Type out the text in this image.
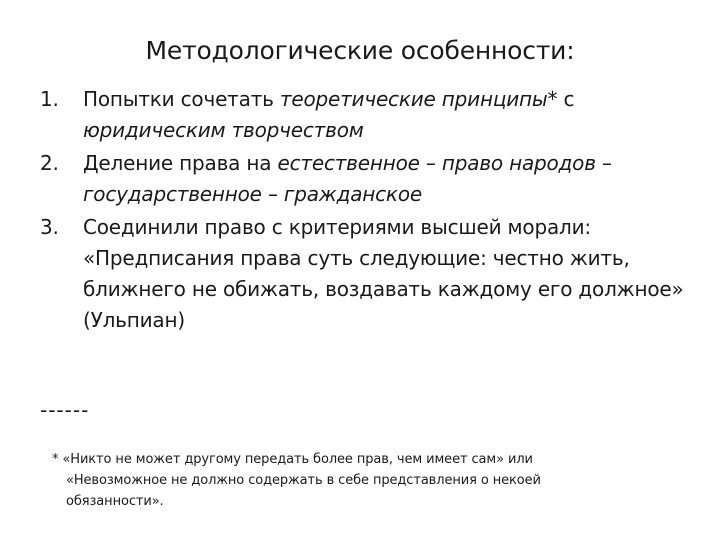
Методологические особенности:
1. Попытки сочетать теоретические принципы* с юридическим творчеством
2. Деление права на естественное – право народов – государственное – гражданское
3. Соединили право с критериями высшей морали: «Предписания права суть следующие: честно жить, ближнего не обижать, воздавать каждому его должное» (Ульпиан)
------
* «Никто не может другому передать более прав, чем имеет сам» или
«Невозможное не должно содержать в себе представления о некоей
обязанности».
